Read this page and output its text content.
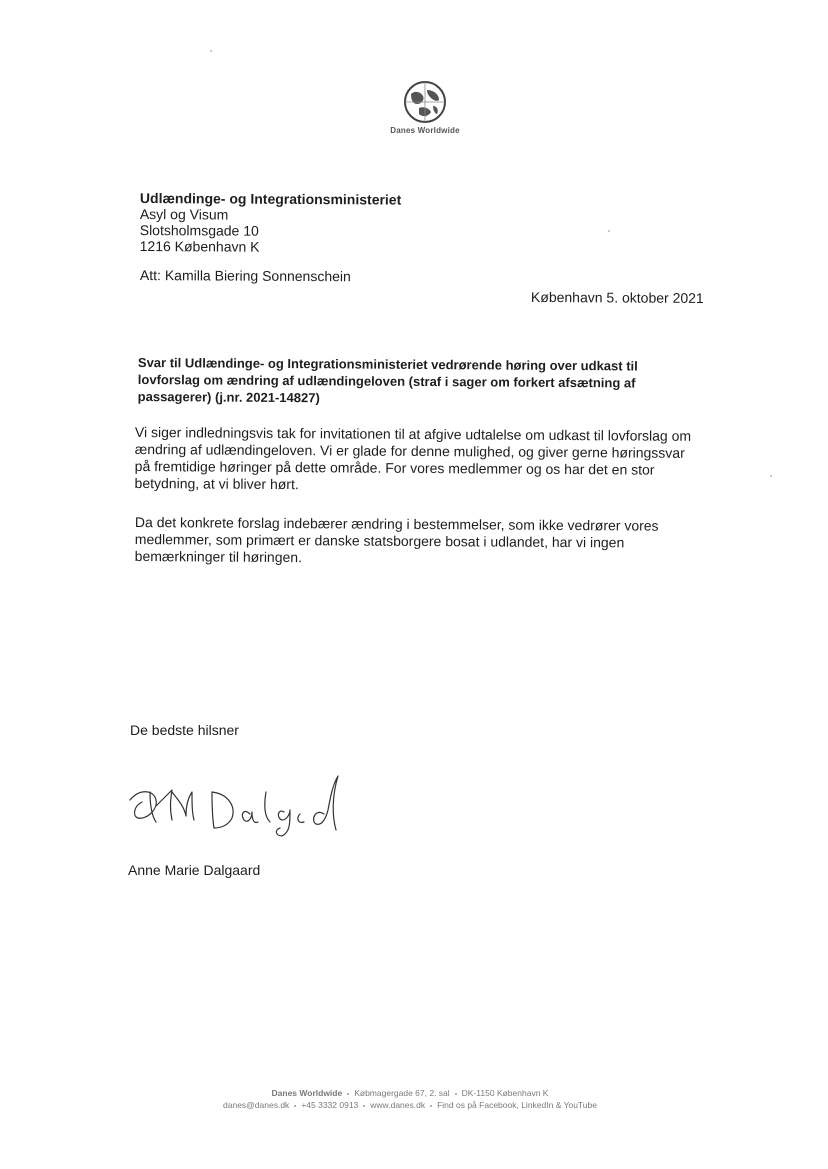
Danes Worldwide
Udlændinge- og Integrationsministeriet
Asyl og Visum
Slotsholmsgade 10
1216 København K
Att: Kamilla Biering Sonnenschein
København 5. oktober 2021
Svar til Udlændinge- og Integrationsministeriet vedrørende høring over udkast til lovforslag om ændring af udlændingeloven (straf i sager om forkert afsætning af passagerer) (j.nr. 2021-14827)
Vi siger indledningsvis tak for invitationen til at afgive udtalelse om udkast til lovforslag om ændring af udlændingeloven. Vi er glade for denne mulighed, og giver gerne høringssvar på fremtidige høringer på dette område. For vores medlemmer og os har det en stor betydning, at vi bliver hørt.
Da det konkrete forslag indebærer ændring i bestemmelser, som ikke vedrører vores medlemmer, som primært er danske statsborgere bosat i udlandet, har vi ingen bemærkninger til høringen.
De bedste hilsner
Anne Marie Dalgaard
Danes Worldwide Købmagergade 67, 2. sal DK-1150 København K
danes@danes.dk +45 3332 0913 www.danes.dk Find os på Facebook, LinkedIn & YouTube
